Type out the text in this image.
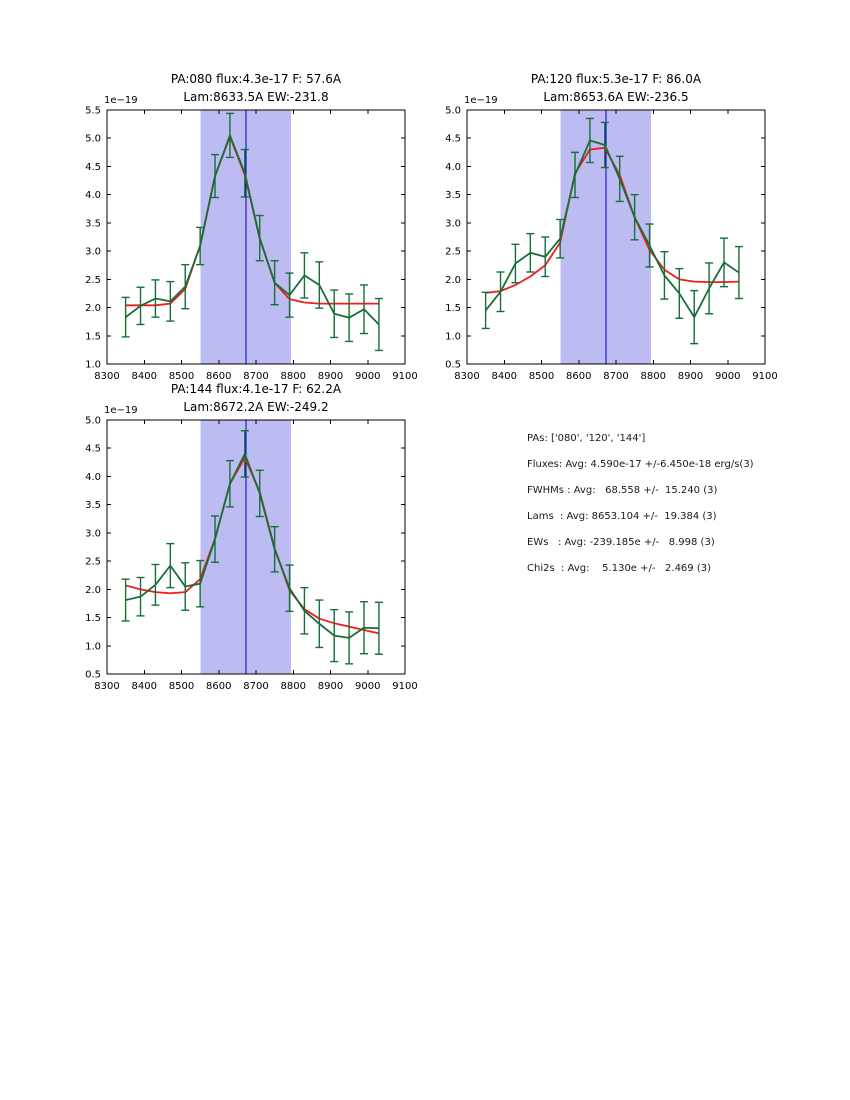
PA:080 flux:4.3e-17 F: 57.6A
Lam:8633.5A EW:-231.8
1e−19
PA:120 flux:5.3e-17 F: 86.0A
Lam:8653.6A EW:-236.5
1e−19
PA:144 flux:4.1e-17 F: 62.2A
Lam:8672.2A EW:-249.2
1e−19
8300 8400 8500 8600 8700 8800 8900 9000 9100
1.0
1.5
2.0
2.5
3.0
3.5
4.0
4.5
5.0
5.5
8300 8400 8500 8600 8700 8800 8900 9000 9100
0.5
1.0
1.5
2.0
2.5
3.0
3.5
4.0
4.5
5.0
8300 8400 8500 8600 8700 8800 8900 9000 9100
0.5
1.0
1.5
2.0
2.5
3.0
3.5
4.0
4.5
5.0
PAs: ['080', '120', '144']
Fluxes: Avg: 4.590e-17 +/-6.450e-18 erg/s(3)
FWHMs : Avg:   68.558 +/-  15.240 (3)
Lams  : Avg: 8653.104 +/-  19.384 (3)
EWs   : Avg: -239.185e +/-   8.998 (3)
Chi2s  : Avg:    5.130e +/-   2.469 (3)
